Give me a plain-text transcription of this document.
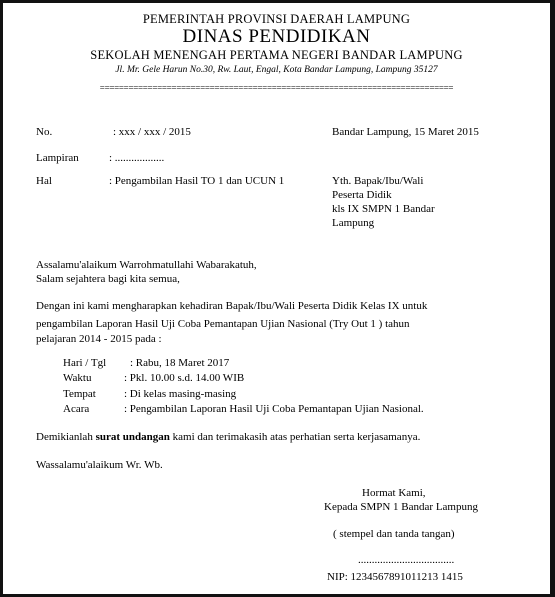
PEMERINTAH PROVINSI DAERAH LAMPUNG
DINAS PENDIDIKAN
SEKOLAH MENENGAH PERTAMA NEGERI BANDAR LAMPUNG
Jl. Mr. Gele Harun No.30, Rw. Laut, Engal, Kota Bandar Lampung, Lampung 35127
==========================================================================
No.	: xxx / xxx / 2015	Bandar Lampung, 15 Maret 2015
Lampiran	: ..................
Hal	: Pengambilan Hasil TO 1 dan UCUN 1	Yth. Bapak/Ibu/Wali
Peserta Didik
kls IX SMPN 1 Bandar
Lampung
Assalamu'alaikum Warrohmatullahi Wabarakatuh,
Salam sejahtera bagi kita semua,
Dengan ini kami mengharapkan kehadiran Bapak/Ibu/Wali Peserta Didik Kelas IX untuk
pengambilan Laporan Hasil Uji Coba Pemantapan Ujian Nasional (Try Out 1 ) tahun
pelajaran 2014 - 2015 pada :
Hari / Tgl : Rabu, 18 Maret 2017
Waktu	: Pkl. 10.00 s.d. 14.00 WIB
Tempat	: Di kelas masing-masing
Acara	: Pengambilan Laporan Hasil Uji Coba Pemantapan Ujian Nasional.
Demikianlah surat undangan kami dan terimakasih atas perhatian serta kerjasamanya.
Wassalamu'alaikum Wr. Wb.
Hormat Kami,
Kepada SMPN 1 Bandar Lampung
( stempel dan tanda tangan)
...................................
NIP: 1234567891011213 1415
